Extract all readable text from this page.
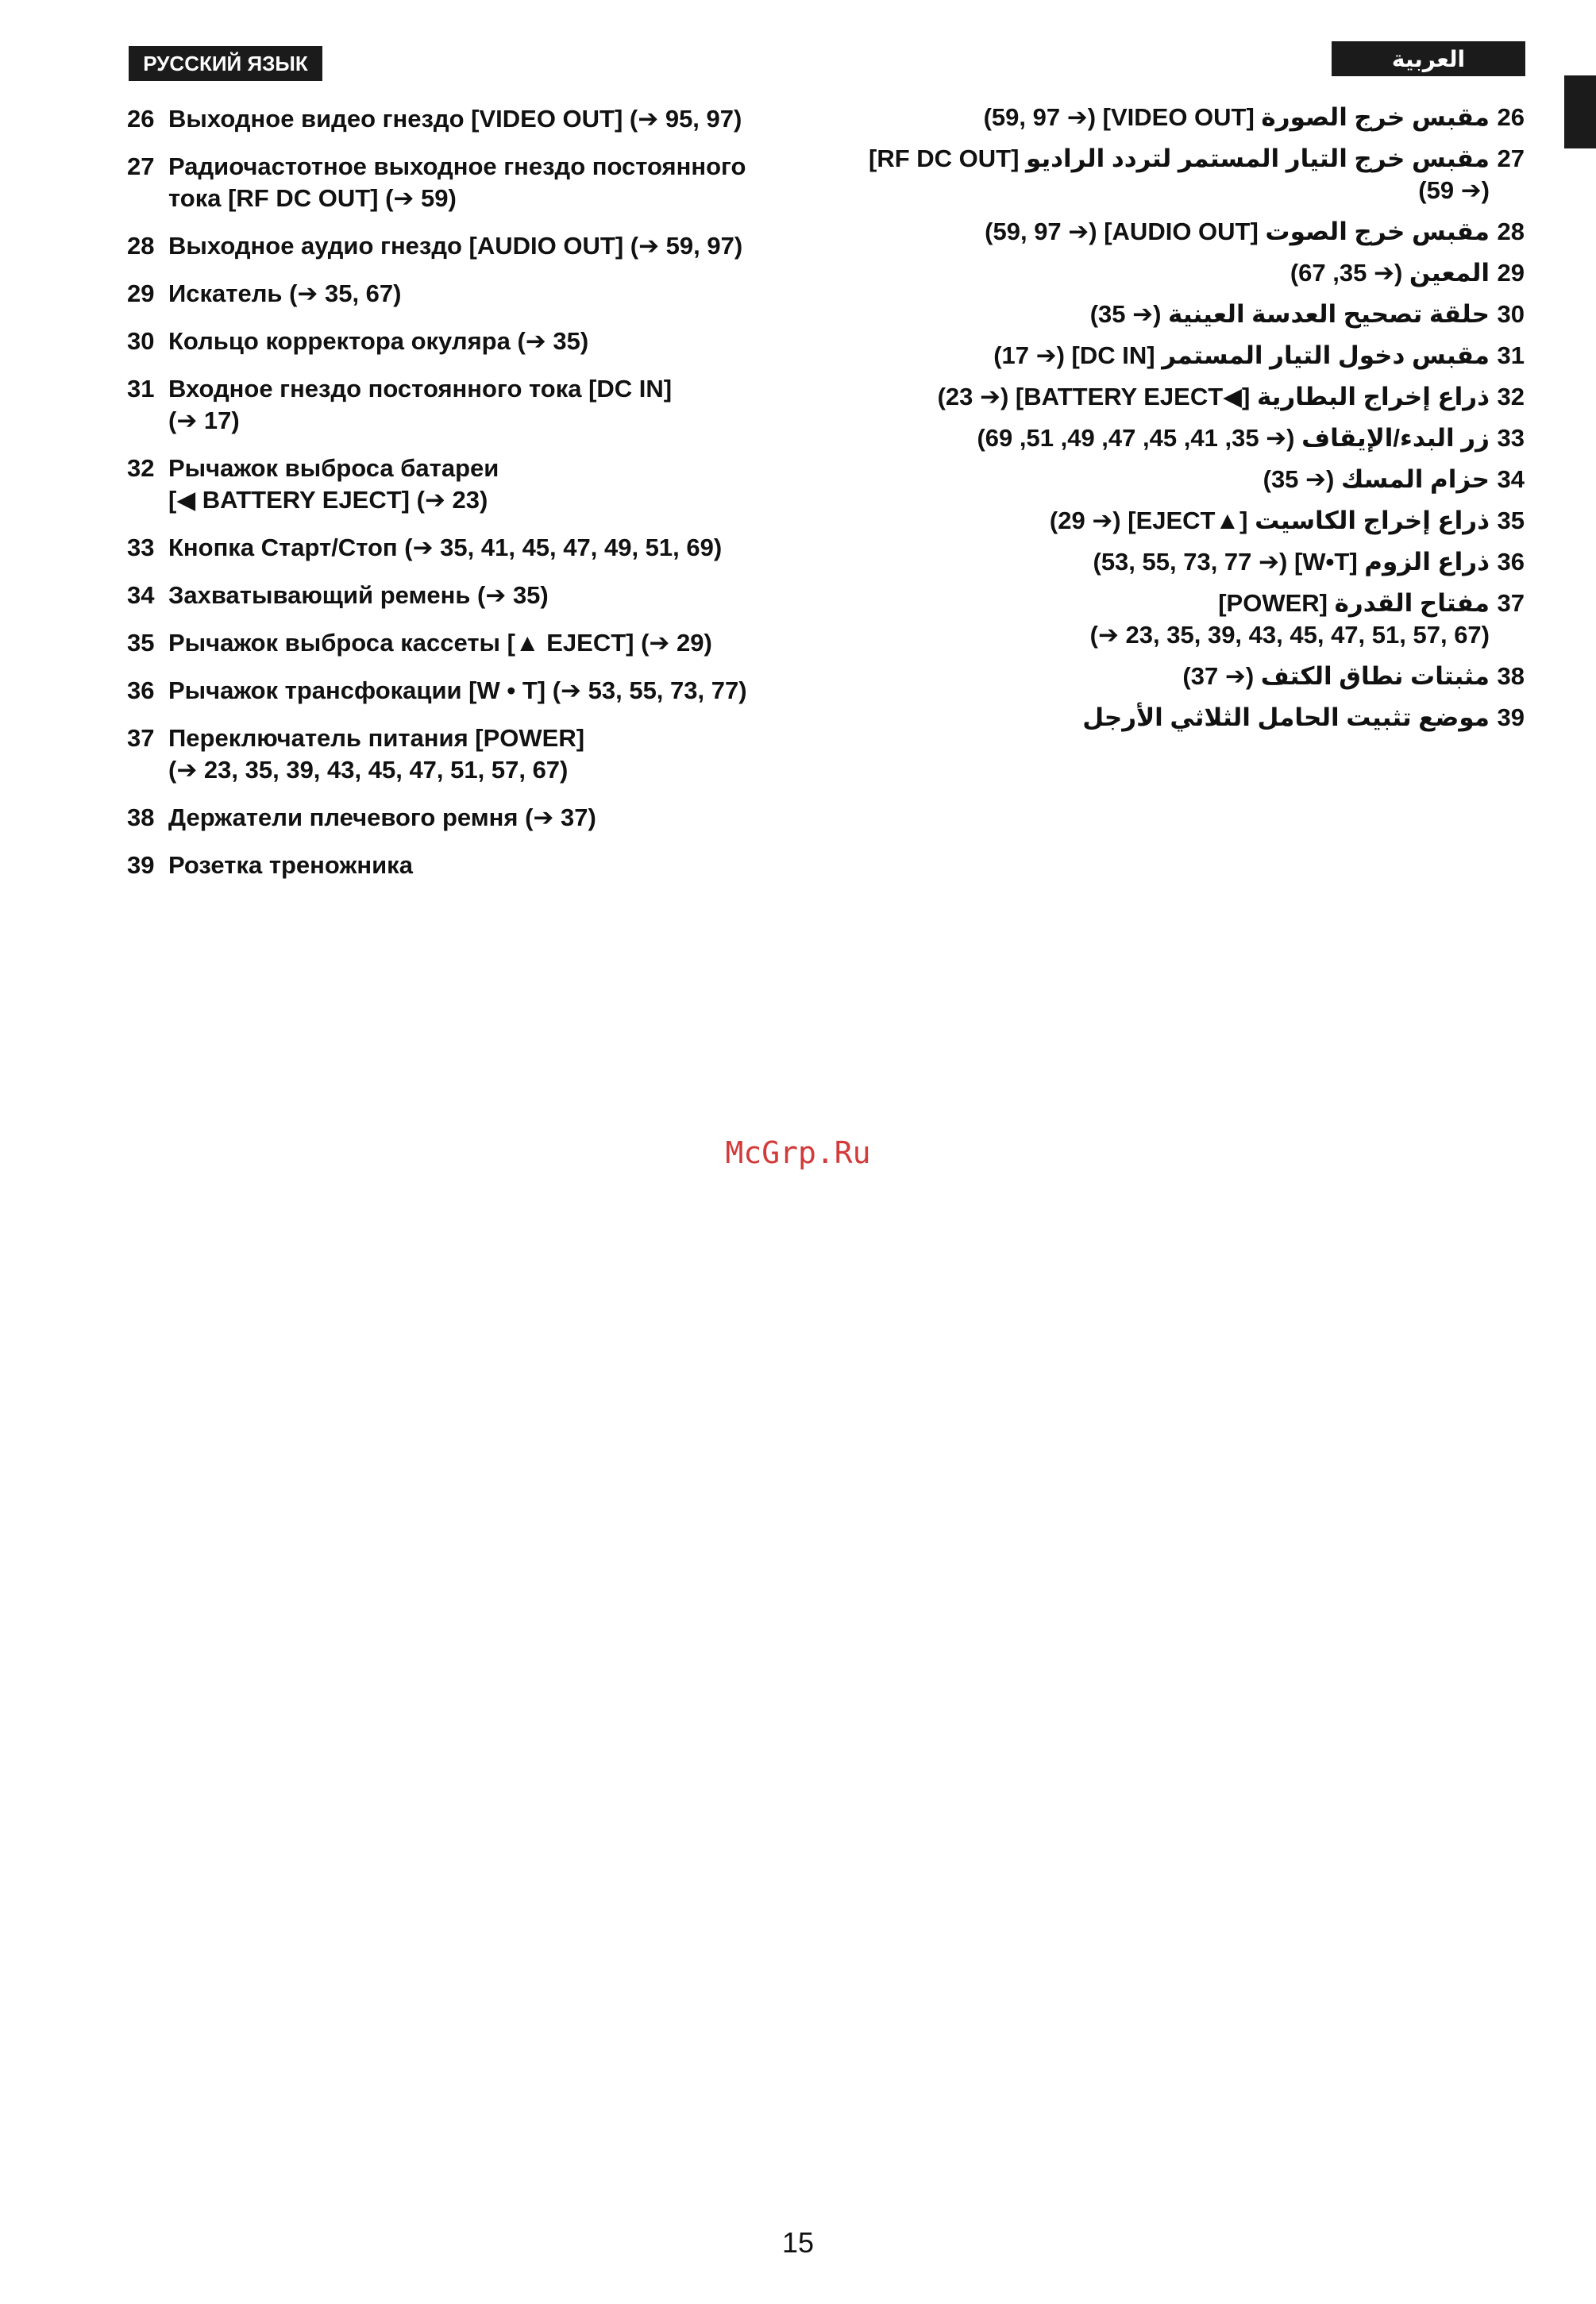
РУССКИЙ ЯЗЫК	العربية
26 Выходное видео гнездо [VIDEO OUT] (➔ 95, 97)
27 Радиочастотное выходное гнездо постоянного
тока [RF DC OUT] (➔ 59)
28 Выходное аудио гнездо [AUDIO OUT] (➔ 59, 97)
29 Искатель (➔ 35, 67)
30 Кольцо корректора окуляра (➔ 35)
31 Входное гнездо постоянного тока [DC IN]
(➔ 17)
32 Рычажок выброса батареи
[◀ BATTERY EJECT] (➔ 23)
33 Кнопка Старт/Стоп (➔ 35, 41, 45, 47, 49, 51, 69)
34 Захватывающий ремень (➔ 35)
35 Рычажок выброса кассеты [▲ EJECT] (➔ 29)
36 Рычажок трансфокации [W • T] (➔ 53, 55, 73, 77)
37 Переключатель питания [POWER]
(➔ 23, 35, 39, 43, 45, 47, 51, 57, 67)
38 Держатели плечевого ремня (➔ 37)
39 Розетка треножника
مقبس خرج الصورة [VIDEO OUT] (➔ 59, 97) 26
مقبس خرج التيار المستمر لتردد الراديو [RF DC OUT] (➔ 59)
27
مقبس خرج الصوت [AUDIO OUT] (➔ 59, 97) 28
المعين (➔ 35, 67) 29
حلقة تصحيح العدسة العينية (➔ 35) 30
مقبس دخول التيار المستمر [DC IN] (➔ 17) 31
ذراع إخراج البطارية [◀BATTERY EJECT] (➔ 23) 32
زر البدء/الإيقاف (➔ 35, 41, 45, 47, 49, 51, 69) 33
حزام المسك (➔ 35) 34
ذراع إخراج الكاسيت [▲EJECT] (➔ 29) 35
ذراع الزوم [W•T] (➔ 53, 55, 73, 77) 36
مفتاح القدرة [POWER]
(➔ 23, 35, 39, 43, 45, 47, 51, 57, 67)
37
مثبتات نطاق الكتف (➔ 37) 38
موضع تثبيت الحامل الثلاثي الأرجل 39
McGrp.Ru
15
